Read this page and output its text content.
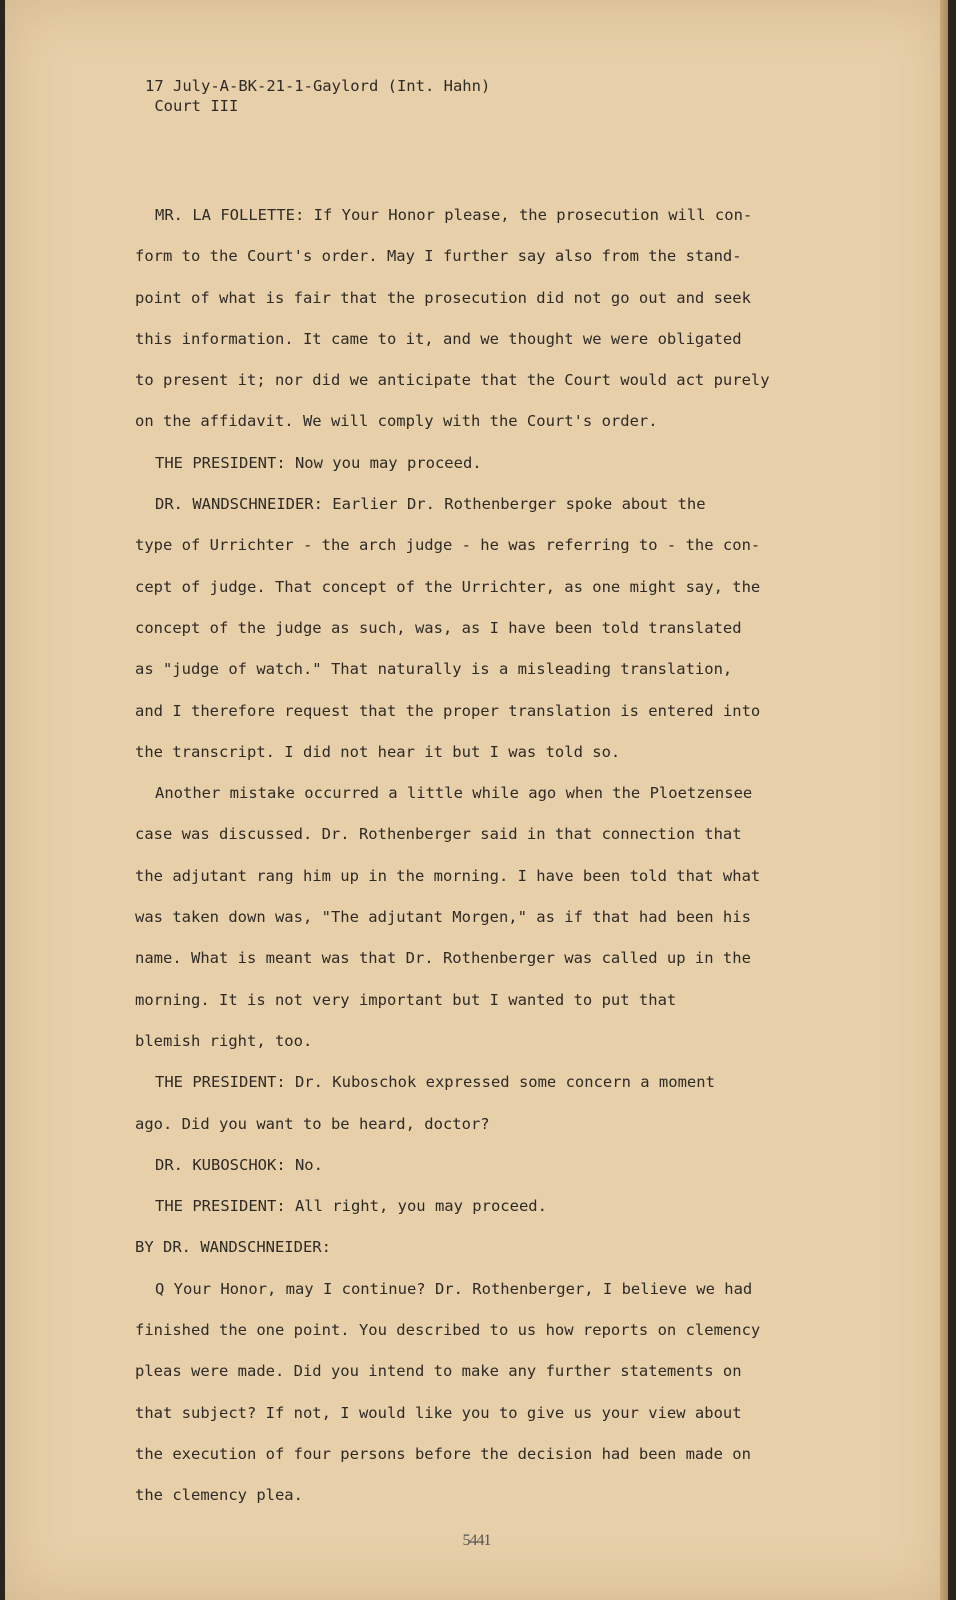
17 July-A-BK-21-1-Gaylord (Int. Hahn)
Court III

MR. LA FOLLETTE: If Your Honor please, the prosecution will con-
form to the Court's order. May I further say also from the stand-
point of what is fair that the prosecution did not go out and seek
this information. It came to it, and we thought we were obligated
to present it; nor did we anticipate that the Court would act purely
on the affidavit. We will comply with the Court's order.

THE PRESIDENT: Now you may proceed.

DR. WANDSCHNEIDER: Earlier Dr. Rothenberger spoke about the
type of Urrichter - the arch judge - he was referring to - the con-
cept of judge. That concept of the Urrichter, as one might say, the
concept of the judge as such, was, as I have been told translated
as "judge of watch." That naturally is a misleading translation,
and I therefore request that the proper translation is entered into
the transcript. I did not hear it but I was told so.

Another mistake occurred a little while ago when the Ploetzensee
case was discussed. Dr. Rothenberger said in that connection that
the adjutant rang him up in the morning. I have been told that what
was taken down was, "The adjutant Morgen," as if that had been his
name. What is meant was that Dr. Rothenberger was called up in the
morning. It is not very important but I wanted to put that
blemish right, too.

THE PRESIDENT: Dr. Kuboschok expressed some concern a moment
ago. Did you want to be heard, doctor?

DR. KUBOSCHOK: No.

THE PRESIDENT: All right, you may proceed.

BY DR. WANDSCHNEIDER:

Q Your Honor, may I continue? Dr. Rothenberger, I believe we had
finished the one point. You described to us how reports on clemency
pleas were made. Did you intend to make any further statements on
that subject? If not, I would like you to give us your view about
the execution of four persons before the decision had been made on
the clemency plea.

5441
